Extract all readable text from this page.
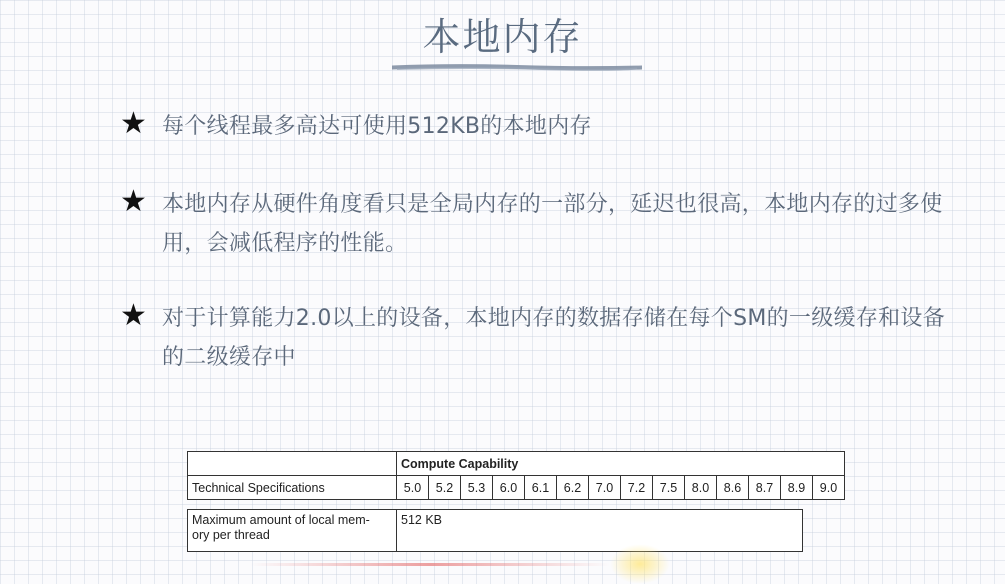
本地内存
★ 每个线程最多高达可使用512KB的本地内存
★ 本地内存从硬件角度看只是全局内存的一部分，延迟也很高，本地内存的过多使用，会减低程序的性能。
★ 对于计算能力2.0以上的设备，本地内存的数据存储在每个SM的一级缓存和设备的二级缓存中
	Compute Capability													
Technical Specifications	5.0	5.2	5.3	6.0	6.1	6.2	7.0	7.2	7.5	8.0	8.6	8.7	8.9	9.0
Maximum amount of local mem-
ory per thread	512 KB
